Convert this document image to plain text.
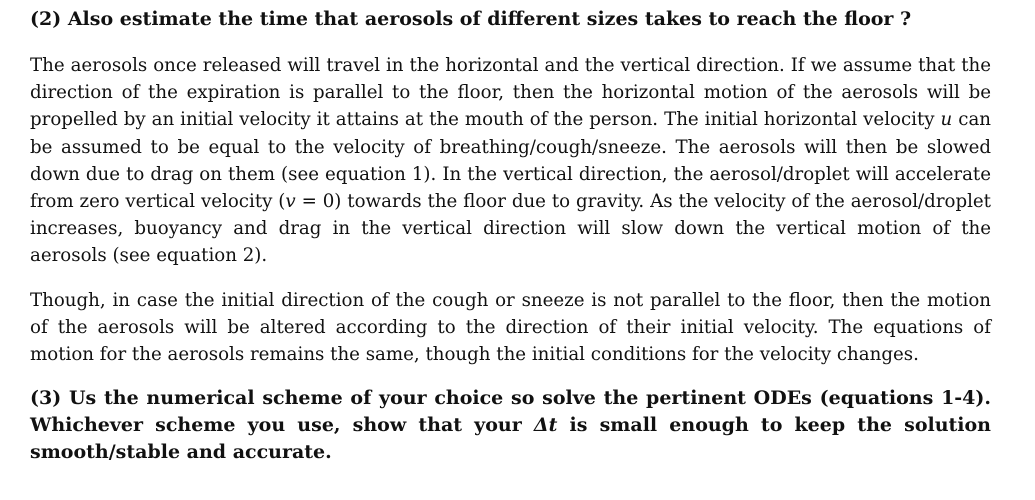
(2) Also estimate the time that aerosols of different sizes takes to reach the floor ?

The aerosols once released will travel in the horizontal and the vertical direction. If we assume that the direction of the expiration is parallel to the floor, then the horizontal motion of the aerosols will be propelled by an initial velocity it attains at the mouth of the person. The initial horizontal velocity u can be assumed to be equal to the velocity of breathing/cough/sneeze. The aerosols will then be slowed down due to drag on them (see equation 1). In the vertical direction, the aerosol/droplet will accelerate from zero vertical velocity (v = 0) towards the floor due to gravity. As the velocity of the aerosol/droplet increases, buoyancy and drag in the vertical direction will slow down the vertical motion of the aerosols (see equation 2).

Though, in case the initial direction of the cough or sneeze is not parallel to the floor, then the motion of the aerosols will be altered according to the direction of their initial velocity. The equations of motion for the aerosols remains the same, though the initial conditions for the velocity changes.

(3) Us the numerical scheme of your choice so solve the pertinent ODEs (equations 1-4). Whichever scheme you use, show that your Δt is small enough to keep the solution smooth/stable and accurate.
